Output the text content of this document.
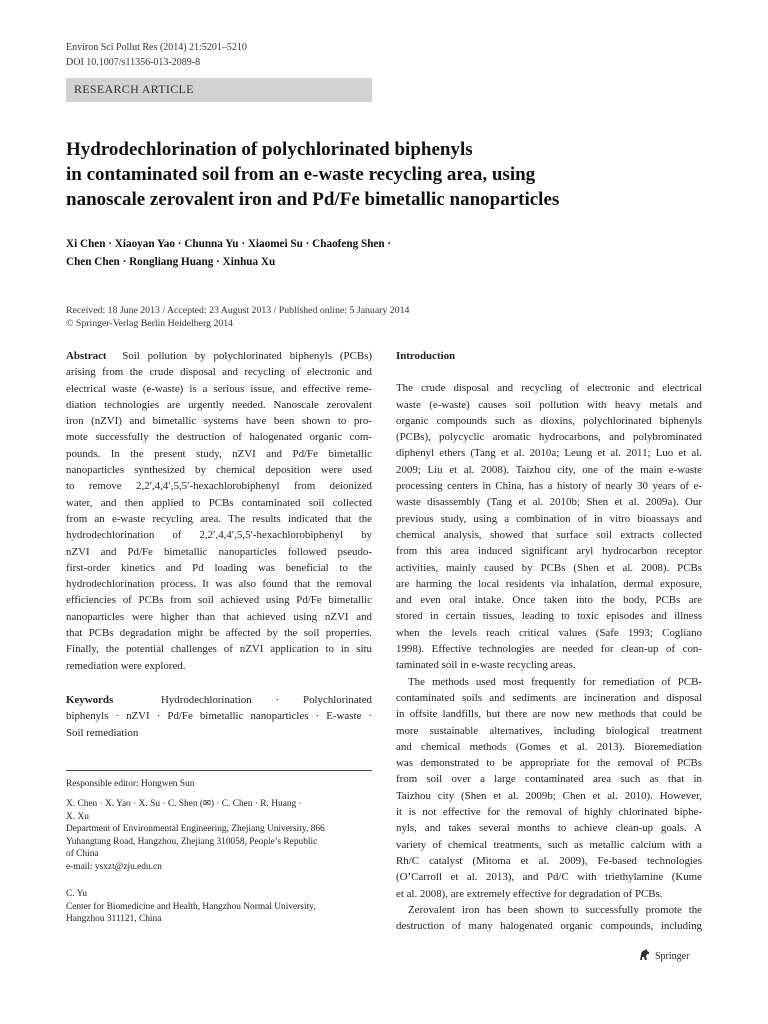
Environ Sci Pollut Res (2014) 21:5201–5210
DOI 10.1007/s11356-013-2089-8
RESEARCH ARTICLE
Hydrodechlorination of polychlorinated biphenyls
in contaminated soil from an e-waste recycling area, using
nanoscale zerovalent iron and Pd/Fe bimetallic nanoparticles
Xi Chen · Xiaoyan Yao · Chunna Yu · Xiaomei Su · Chaofeng Shen ·
Chen Chen · Rongliang Huang · Xinhua Xu
Received: 18 June 2013 / Accepted: 23 August 2013 / Published online: 5 January 2014
© Springer-Verlag Berlin Heidelberg 2014
Abstract Soil pollution by polychlorinated biphenyls (PCBs)
arising from the crude disposal and recycling of electronic and
electrical waste (e-waste) is a serious issue, and effective reme-
diation technologies are urgently needed. Nanoscale zerovalent
iron (nZVI) and bimetallic systems have been shown to pro-
mote successfully the destruction of halogenated organic com-
pounds. In the present study, nZVI and Pd/Fe bimetallic
nanoparticles synthesized by chemical deposition were used
to remove 2,2′,4,4′,5,5′-hexachlorobiphenyl from deionized
water, and then applied to PCBs contaminated soil collected
from an e-waste recycling area. The results indicated that the
hydrodechlorination of 2,2′,4,4′,5,5′-hexachlorobiphenyl by
nZVI and Pd/Fe bimetallic nanoparticles followed pseudo-
first-order kinetics and Pd loading was beneficial to the
hydrodechlorination process. It was also found that the removal
efficiencies of PCBs from soil achieved using Pd/Fe bimetallic
nanoparticles were higher than that achieved using nZVI and
that PCBs degradation might be affected by the soil properties.
Finally, the potential challenges of nZVI application to in situ
remediation were explored.
Keywords	Hydrodechlorination · Polychlorinated
biphenyls · nZVI · Pd/Fe bimetallic nanoparticles · E-waste ·
Soil remediation
Responsible editor: Hongwen Sun
X. Chen · X. Yao · X. Su · C. Shen (✉) · C. Chen · R. Huang ·
X. Xu
Department of Environmental Engineering, Zhejiang University, 866
Yuhangtang Road, Hangzhou, Zhejiang 310058, People’s Republic
of China
e-mail: ysxzt@zju.edu.cn
C. Yu
Center for Biomedicine and Health, Hangzhou Normal University,
Hangzhou 311121, China
Introduction
The crude disposal and recycling of electronic and electrical
waste (e-waste) causes soil pollution with heavy metals and
organic compounds such as dioxins, polychlorinated biphenyls
(PCBs), polycyclic aromatic hydrocarbons, and polybrominated
diphenyl ethers (Tang et al. 2010a; Leung et al. 2011; Luo et al.
2009; Liu et al. 2008). Taizhou city, one of the main e-waste
processing centers in China, has a history of nearly 30 years of e-
waste disassembly (Tang et al. 2010b; Shen et al. 2009a). Our
previous study, using a combination of in vitro bioassays and
chemical analysis, showed that surface soil extracts collected
from this area induced significant aryl hydrocarbon receptor
activities, mainly caused by PCBs (Shen et al. 2008). PCBs
are harming the local residents via inhalation, dermal exposure,
and even oral intake. Once taken into the body, PCBs are
stored in certain tissues, leading to toxic episodes and illness
when the levels reach critical values (Safe 1993; Cogliano
1998). Effective technologies are needed for clean-up of con-
taminated soil in e-waste recycling areas.
The methods used most frequently for remediation of PCB-
contaminated soils and sediments are incineration and disposal
in offsite landfills, but there are now new methods that could be
more sustainable alternatives, including biological treatment
and chemical methods (Gomes et al. 2013). Bioremediation
was demonstrated to be appropriate for the removal of PCBs
from soil over a large contaminated area such as that in
Taizhou city (Shen et al. 2009b; Chen et al. 2010). However,
it is not effective for the removal of highly chlorinated biphe-
nyls, and takes several months to achieve clean-up goals. A
variety of chemical treatments, such as metallic calcium with a
Rh/C catalyst (Mitoma et al. 2009), Fe-based technologies
(O’Carroll et al. 2013), and Pd/C with triethylamine (Kume
et al. 2008), are extremely effective for degradation of PCBs.
Zerovalent iron has been shown to successfully promote the
destruction of many halogenated organic compounds, including
Springer
